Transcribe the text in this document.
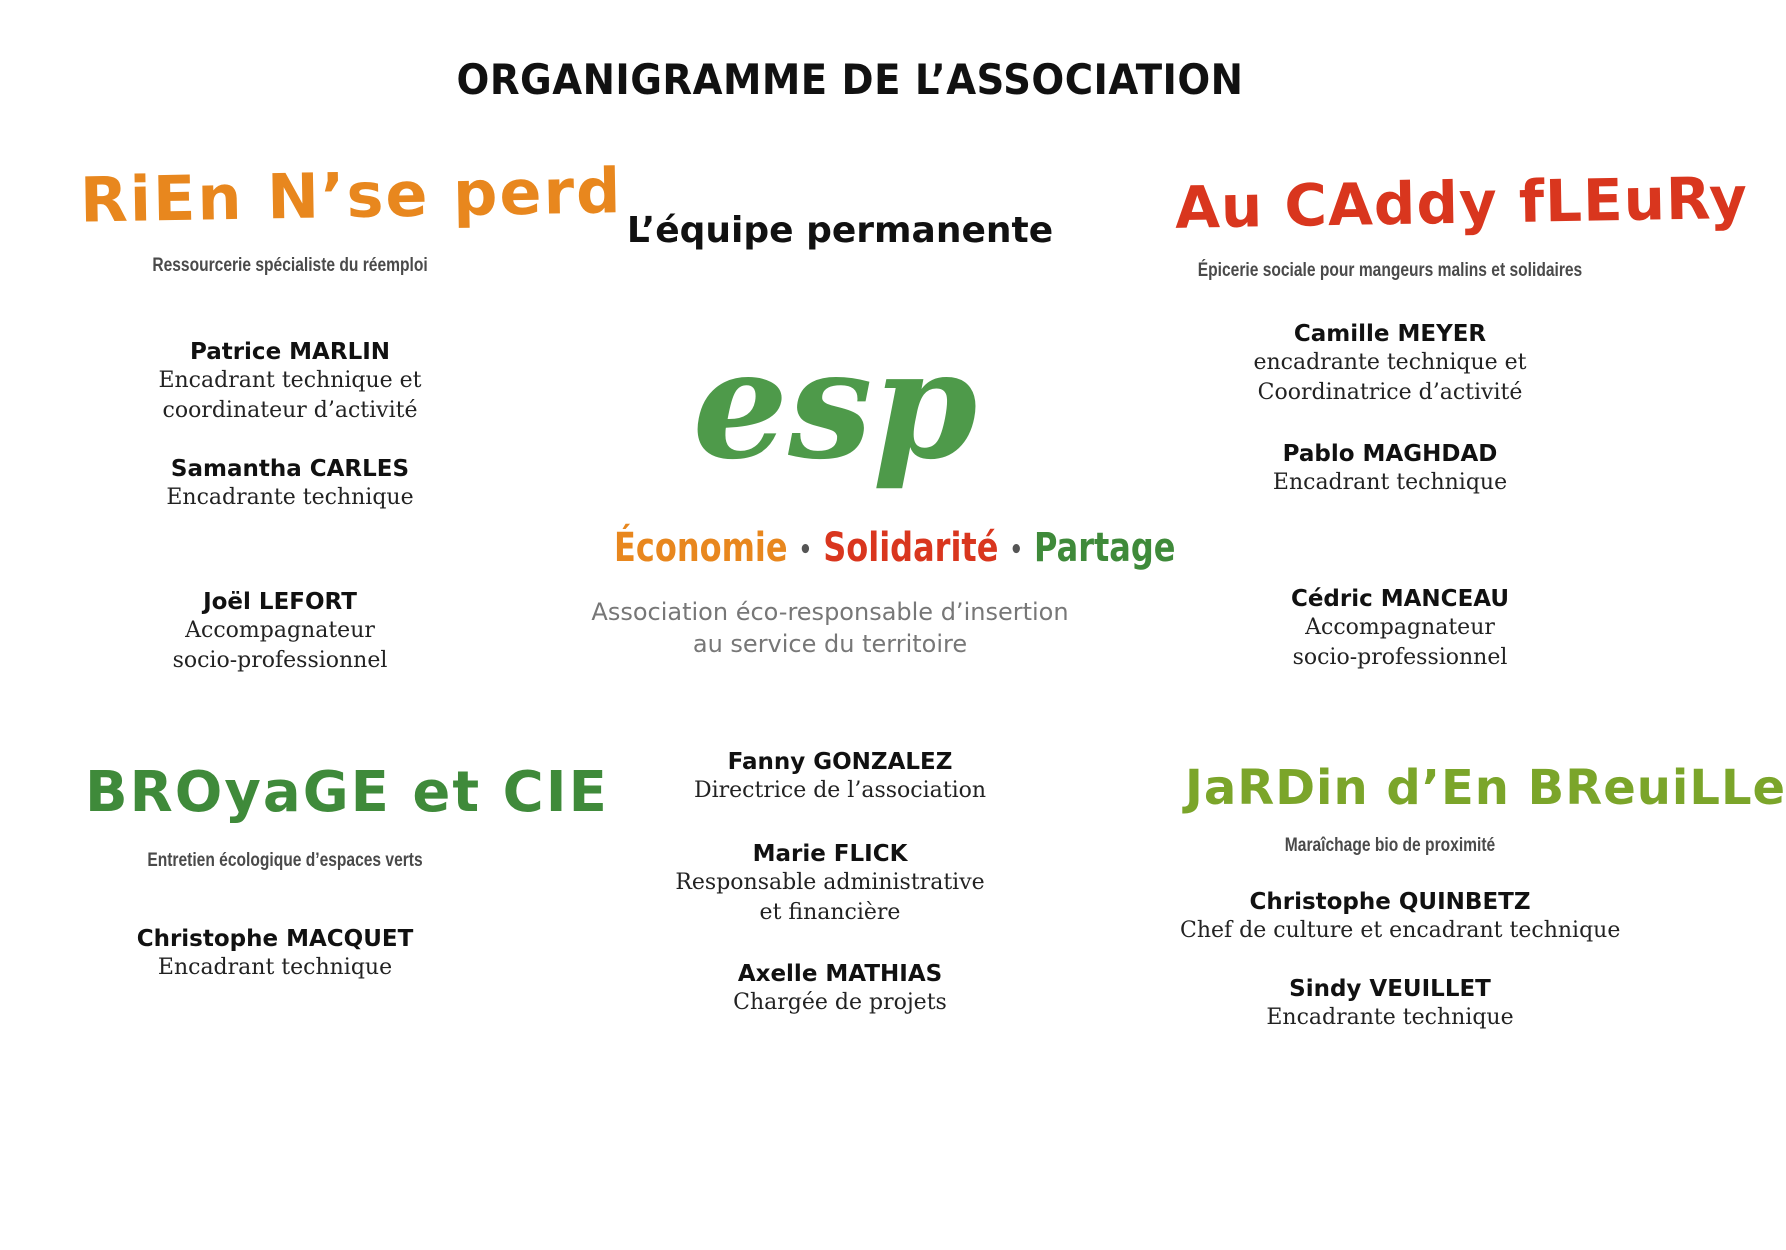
ORGANIGRAMME DE L’ASSOCIATION
L’équipe permanente
RiEn N’se perd
Ressourcerie spécialiste du réemploi
Patrice MARLIN
Encadrant technique et
coordinateur d’activité
Samantha CARLES
Encadrante technique
Joël LEFORT
Accompagnateur
socio-professionnel
Au CAddy fLEuRy
Épicerie sociale pour mangeurs malins et solidaires
Camille MEYER
encadrante technique et
Coordinatrice d’activité
Pablo MAGHDAD
Encadrant technique
Cédric MANCEAU
Accompagnateur
socio-professionnel
esp
Économie • Solidarité • Partage
Association éco-responsable d’insertion
au service du territoire
BROyaGE et CIE
Entretien écologique d’espaces verts
Christophe MACQUET
Encadrant technique
Fanny GONZALEZ
Directrice de l’association
Marie FLICK
Responsable administrative
et financière
Axelle MATHIAS
Chargée de projets
JaRDin d’En BReuiLLe
Maraîchage bio de proximité
Christophe QUINBETZ
Chef de culture et encadrant technique
Sindy VEUILLET
Encadrante technique
